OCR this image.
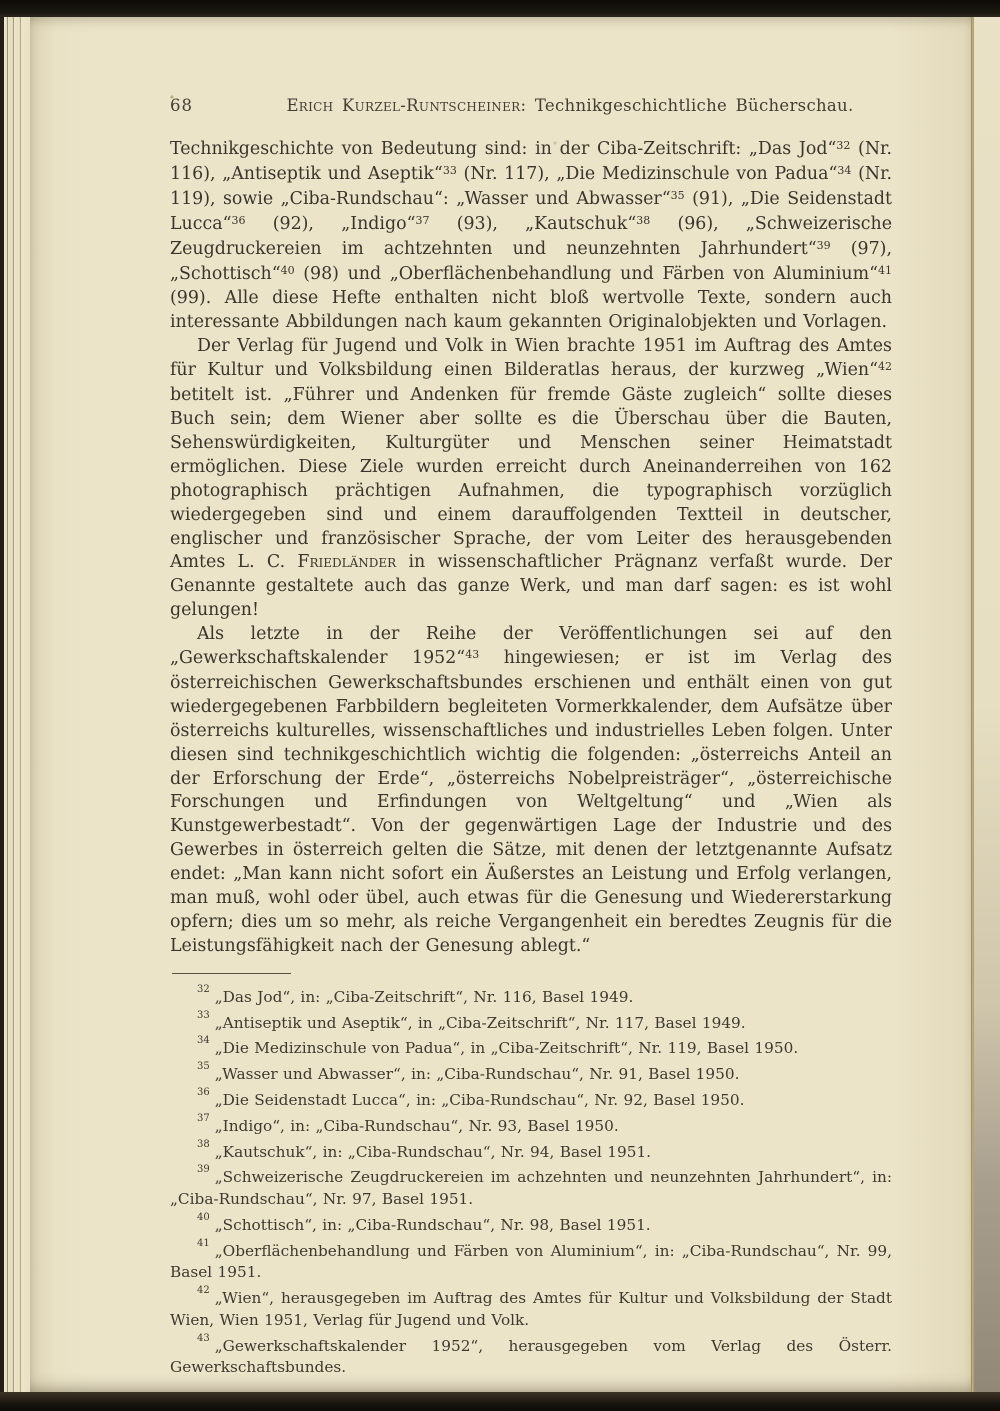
68	Erich Kurzel-Runtscheiner: Technikgeschichtliche Bücherschau.

Technikgeschichte von Bedeutung sind: in der Ciba-Zeitschrift: „Das Jod“$^{32}$ (Nr. 116), „Antiseptik und Aseptik“$^{33}$ (Nr. 117), „Die Medizinschule von Padua“$^{34}$ (Nr. 119), sowie „Ciba-Rundschau“: „Wasser und Abwasser“$^{35}$ (91), „Die Seidenstadt Lucca“$^{36}$ (92), „Indigo“$^{37}$ (93), „Kautschuk“$^{38}$ (96), „Schweizerische Zeugdruckereien im achtzehnten und neunzehnten Jahrhundert“$^{39}$ (97), „Schottisch“$^{40}$ (98) und „Oberflächenbehandlung und Färben von Aluminium“$^{41}$ (99). Alle diese Hefte enthalten nicht bloß wertvolle Texte, sondern auch interessante Abbildungen nach kaum gekannten Originalobjekten und Vorlagen.

Der Verlag für Jugend und Volk in Wien brachte 1951 im Auftrag des Amtes für Kultur und Volksbildung einen Bilderatlas heraus, der kurzweg „Wien“$^{42}$ betitelt ist. „Führer und Andenken für fremde Gäste zugleich“ sollte dieses Buch sein; dem Wiener aber sollte es die Überschau über die Bauten, Sehenswürdigkeiten, Kulturgüter und Menschen seiner Heimatstadt ermöglichen. Diese Ziele wurden erreicht durch Aneinanderreihen von 162 photographisch prächtigen Aufnahmen, die typographisch vorzüglich wiedergegeben sind und einem darauffolgenden Textteil in deutscher, englischer und französischer Sprache, der vom Leiter des herausgebenden Amtes L. C. Friedländer in wissenschaftlicher Prägnanz verfaßt wurde. Der Genannte gestaltete auch das ganze Werk, und man darf sagen: es ist wohl gelungen!

Als letzte in der Reihe der Veröffentlichungen sei auf den „Gewerkschaftskalender 1952“$^{43}$ hingewiesen; er ist im Verlag des österreichischen Gewerkschaftsbundes erschienen und enthält einen von gut wiedergegebenen Farbbildern begleiteten Vormerkkalender, dem Aufsätze über österreichs kulturelles, wissenschaftliches und industrielles Leben folgen. Unter diesen sind technikgeschichtlich wichtig die folgenden: „österreichs Anteil an der Erforschung der Erde“, „österreichs Nobelpreisträger“, „österreichische Forschungen und Erfindungen von Weltgeltung“ und „Wien als Kunstgewerbestadt“. Von der gegenwärtigen Lage der Industrie und des Gewerbes in österreich gelten die Sätze, mit denen der letztgenannte Aufsatz endet: „Man kann nicht sofort ein Äußerstes an Leistung und Erfolg verlangen, man muß, wohl oder übel, auch etwas für die Genesung und Wiedererstarkung opfern; dies um so mehr, als reiche Vergangenheit ein beredtes Zeugnis für die Leistungsfähigkeit nach der Genesung ablegt.“

$^{32}$ „Das Jod“, in: „Ciba-Zeitschrift“, Nr. 116, Basel 1949.

$^{33}$ „Antiseptik und Aseptik“, in „Ciba-Zeitschrift“, Nr. 117, Basel 1949.

$^{34}$ „Die Medizinschule von Padua“, in „Ciba-Zeitschrift“, Nr. 119, Basel 1950.

$^{35}$ „Wasser und Abwasser“, in: „Ciba-Rundschau“, Nr. 91, Basel 1950.

$^{36}$ „Die Seidenstadt Lucca“, in: „Ciba-Rundschau“, Nr. 92, Basel 1950.

$^{37}$ „Indigo“, in: „Ciba-Rundschau“, Nr. 93, Basel 1950.

$^{38}$ „Kautschuk“, in: „Ciba-Rundschau“, Nr. 94, Basel 1951.

$^{39}$ „Schweizerische Zeugdruckereien im achzehnten und neunzehnten Jahrhundert“, in: „Ciba-Rundschau“, Nr. 97, Basel 1951.

$^{40}$ „Schottisch“, in: „Ciba-Rundschau“, Nr. 98, Basel 1951.

$^{41}$ „Oberflächenbehandlung und Färben von Aluminium“, in: „Ciba-Rundschau“, Nr. 99, Basel 1951.

$^{42}$ „Wien“, herausgegeben im Auftrag des Amtes für Kultur und Volksbildung der Stadt Wien, Wien 1951, Verlag für Jugend und Volk.

$^{43}$ „Gewerkschaftskalender 1952“, herausgegeben vom Verlag des Österr. Gewerkschaftsbundes.
